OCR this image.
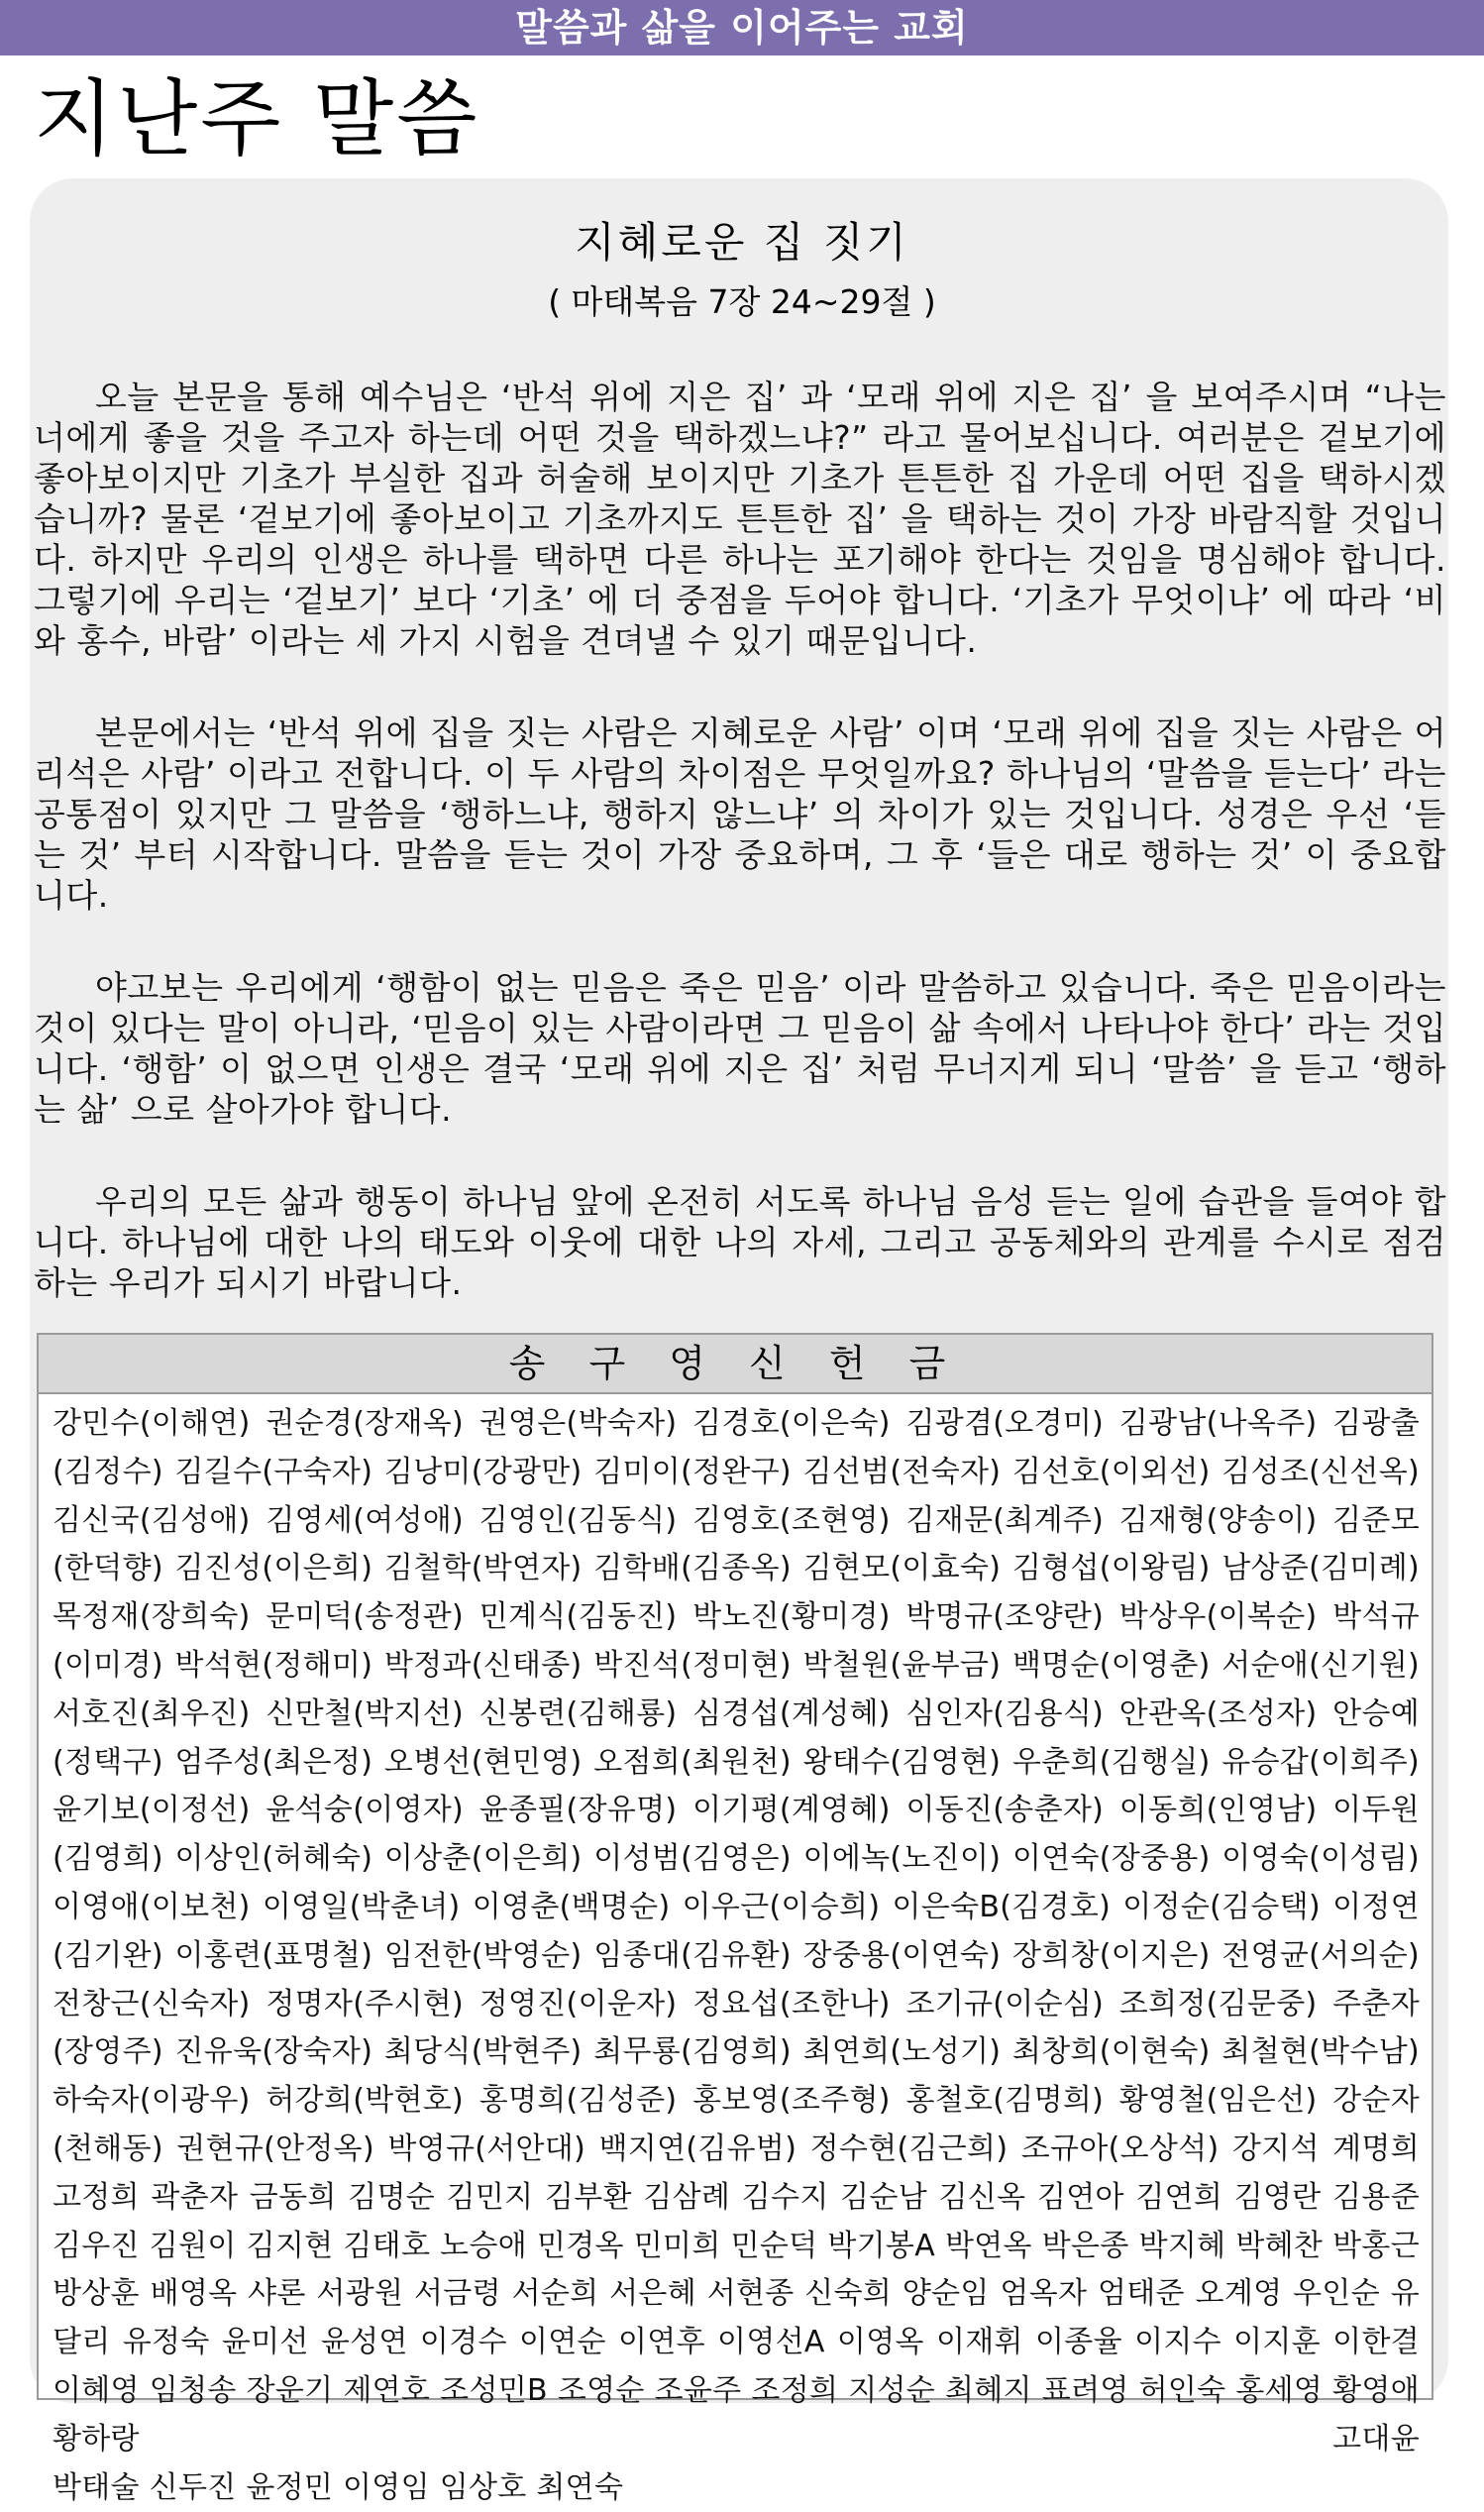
말씀과 삶을 이어주는 교회
지난주 말씀
지혜로운 집 짓기
( 마태복음 7장 24~29절 )

오늘 본문을 통해 예수님은 ‘반석 위에 지은 집’ 과 ‘모래 위에 지은 집’ 을 보여주시며 “나는 너에게 좋을 것을 주고자 하는데 어떤 것을 택하겠느냐?” 라고 물어보십니다. 여러분은 겉보기에 좋아보이지만 기초가 부실한 집과 허술해 보이지만 기초가 튼튼한 집 가운데 어떤 집을 택하시겠습니까? 물론 ‘겉보기에 좋아보이고 기초까지도 튼튼한 집’ 을 택하는 것이 가장 바람직할 것입니다. 하지만 우리의 인생은 하나를 택하면 다른 하나는 포기해야 한다는 것임을 명심해야 합니다. 그렇기에 우리는 ‘겉보기’ 보다 ‘기초’ 에 더 중점을 두어야 합니다. ‘기초가 무엇이냐’ 에 따라 ‘비와 홍수, 바람’ 이라는 세 가지 시험을 견뎌낼 수 있기 때문입니다.

본문에서는 ‘반석 위에 집을 짓는 사람은 지혜로운 사람’ 이며 ‘모래 위에 집을 짓는 사람은 어리석은 사람’ 이라고 전합니다. 이 두 사람의 차이점은 무엇일까요? 하나님의 ‘말씀을 듣는다’ 라는 공통점이 있지만 그 말씀을 ‘행하느냐, 행하지 않느냐’ 의 차이가 있는 것입니다. 성경은 우선 ‘듣는 것’ 부터 시작합니다. 말씀을 듣는 것이 가장 중요하며, 그 후 ‘들은 대로 행하는 것’ 이 중요합니다.

야고보는 우리에게 ‘행함이 없는 믿음은 죽은 믿음’ 이라 말씀하고 있습니다. 죽은 믿음이라는 것이 있다는 말이 아니라, ‘믿음이 있는 사람이라면 그 믿음이 삶 속에서 나타나야 한다’ 라는 것입니다. ‘행함’ 이 없으면 인생은 결국 ‘모래 위에 지은 집’ 처럼 무너지게 되니 ‘말씀’ 을 듣고 ‘행하는 삶’ 으로 살아가야 합니다.

우리의 모든 삶과 행동이 하나님 앞에 온전히 서도록 하나님 음성 듣는 일에 습관을 들여야 합니다. 하나님에 대한 나의 태도와 이웃에 대한 나의 자세, 그리고 공동체와의 관계를 수시로 점검하는 우리가 되시기 바랍니다.

송 구 영 신 헌 금
강민수(이해연) 권순경(장재옥) 권영은(박숙자) 김경호(이은숙) 김광겸(오경미) 김광남(나옥주) 김광출(김정수) 김길수(구숙자) 김낭미(강광만) 김미이(정완구) 김선범(전숙자) 김선호(이외선) 김성조(신선옥) 김신국(김성애) 김영세(여성애) 김영인(김동식) 김영호(조현영) 김재문(최계주) 김재형(양송이) 김준모(한덕향) 김진성(이은희) 김철학(박연자) 김학배(김종옥) 김현모(이효숙) 김형섭(이왕림) 남상준(김미례) 목정재(장희숙) 문미덕(송정관) 민계식(김동진) 박노진(황미경) 박명규(조양란) 박상우(이복순) 박석규(이미경) 박석현(정해미) 박정과(신태종) 박진석(정미현) 박철원(윤부금) 백명순(이영춘) 서순애(신기원) 서호진(최우진) 신만철(박지선) 신봉련(김해룡) 심경섭(계성혜) 심인자(김용식) 안관옥(조성자) 안승예(정택구) 엄주성(최은정) 오병선(현민영) 오점희(최원천) 왕태수(김영현) 우춘희(김행실) 유승갑(이희주) 윤기보(이정선) 윤석숭(이영자) 윤종필(장유명) 이기평(계영혜) 이동진(송춘자) 이동희(인영남) 이두원(김영희) 이상인(허혜숙) 이상춘(이은희) 이성범(김영은) 이에녹(노진이) 이연숙(장중용) 이영숙(이성림) 이영애(이보천) 이영일(박춘녀) 이영춘(백명순) 이우근(이승희) 이은숙B(김경호) 이정순(김승택) 이정연(김기완) 이홍련(표명철) 임전한(박영순) 임종대(김유환) 장중용(이연숙) 장희창(이지은) 전영균(서의순) 전창근(신숙자) 정명자(주시현) 정영진(이운자) 정요섭(조한나) 조기규(이순심) 조희정(김문중) 주춘자(장영주) 진유욱(장숙자) 최당식(박현주) 최무룡(김영희) 최연희(노성기) 최창희(이현숙) 최철현(박수남) 하숙자(이광우) 허강희(박현호) 홍명희(김성준) 홍보영(조주형) 홍철호(김명희) 황영철(임은선) 강순자(천해동) 권현규(안정옥) 박영규(서안대) 백지연(김유범) 정수현(김근희) 조규아(오상석) 강지석 계명희 고정희 곽춘자 금동희 김명순 김민지 김부환 김삼례 김수지 김순남 김신옥 김연아 김연희 김영란 김용준 김우진 김원이 김지현 김태호 노승애 민경옥 민미희 민순덕 박기봉A 박연옥 박은종 박지혜 박혜찬 박홍근 방상훈 배영옥 샤론 서광원 서금령 서순희 서은혜 서현종 신숙희 양순임 엄옥자 엄태준 오계영 우인순 유달리 유정숙 윤미선 윤성연 이경수 이연순 이연후 이영선A 이영옥 이재휘 이종율 이지수 이지훈 이한결 이혜영 임청송 장운기 제연호 조성민B 조영순 조윤주 조정희 지성순 최혜지 표려영 허인숙 홍세영 황영애 황하랑 고대윤
박태술 신두진 윤정민 이영임 임상호 최연숙
